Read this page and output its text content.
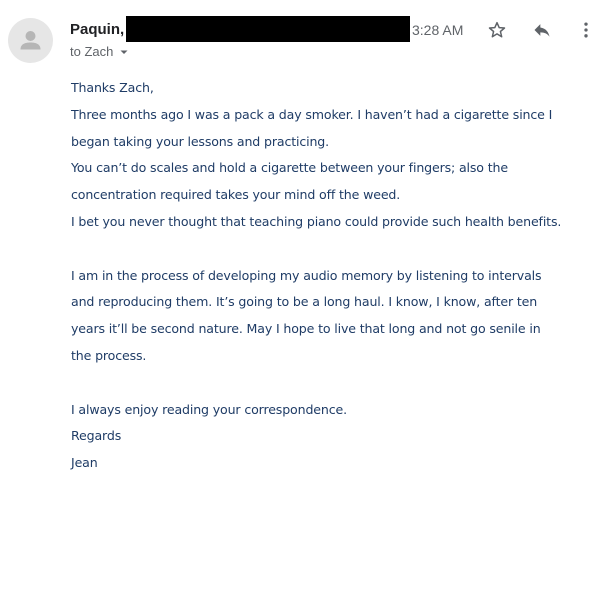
Paquin,	3:28 AM
to Zach
Thanks Zach,
Three months ago I was a pack a day smoker. I haven’t had a cigarette since I
began taking your lessons and practicing.
You can’t do scales and hold a cigarette between your fingers; also the
concentration required takes your mind off the weed.
I bet you never thought that teaching piano could provide such health benefits.
I am in the process of developing my audio memory by listening to intervals
and reproducing them. It’s going to be a long haul. I know, I know, after ten
years it’ll be second nature. May I hope to live that long and not go senile in
the process.
I always enjoy reading your correspondence.
Regards
Jean
